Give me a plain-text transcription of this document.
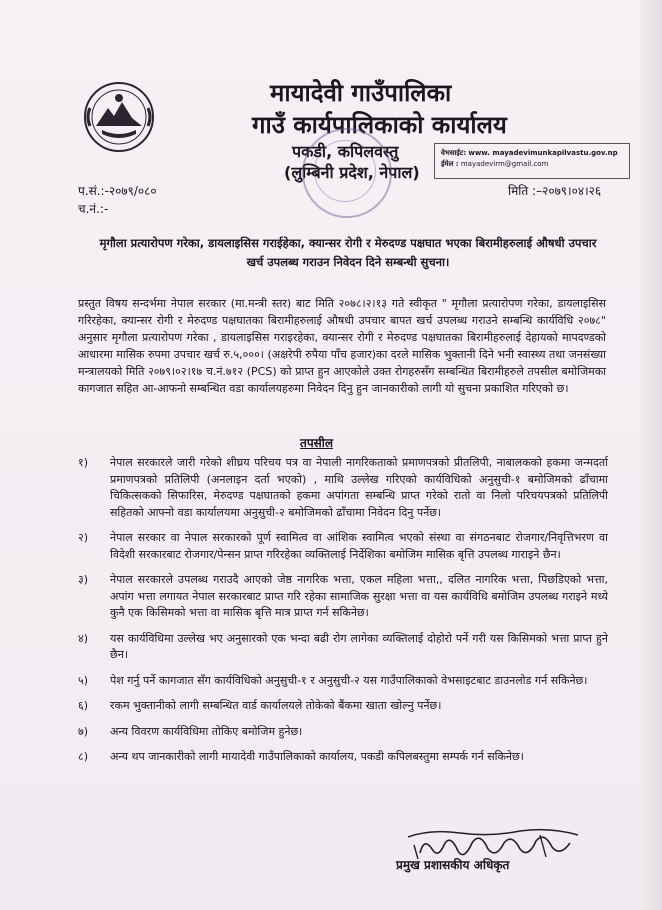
मायादेवी गाउँपालिका
गाउँ कार्यपालिकाको कार्यालय
पकडी, कपिलवस्तु
(लुम्बिनी प्रदेश, नेपाल)
वेभसाईट: www. mayadevimunkapilvastu.gov.np
ईमेल : mayadevirm@gmail.com
प.सं.:-२०७९/०८०
च.नं.:-
मिति :–२०७९।०४।२६
मृगौला प्रत्यारोपण गरेका, डायलाइसिस गराईहेका, क्यान्सर रोगी र मेरुदण्ड पक्षघात भएका बिरामीहरुलाई औषधी उपचार खर्च उपलब्ध गराउन निवेदन दिने सम्बन्धी सुचना।
प्रस्तुत विषय सन्दर्भमा नेपाल सरकार (मा.मन्त्री स्तर) बाट मिति २०७८।२।१३ गते स्वीकृत " मृगौला प्रत्यारोपण गरेका, डायलाइसिस गरिरहेका, क्यान्सर रोगी र मेरुदण्ड पक्षघातका बिरामीहरुलाई औषधी उपचार बापत खर्च उपलब्ध गराउने सम्बन्धि कार्यविधि २०७८" अनुसार मृगौला प्रत्यारोपण गरेका , डायलाइसिस गराइरहेका, क्यान्सर रोगी र मेरुदण्ड पक्षघातका बिरामीहरुलाई देहायको मापदण्डको आधारमा मासिक रुपमा उपचार खर्च रु.५,०००। (अक्षरेपी रुपैया पाँच हजार)का दरले मासिक भुक्तानी दिने भनी स्वास्थ्य तथा जनसंख्या मन्त्रालयको मिति २०७९।०२।१७ च.नं.७१२ (PCS) को प्राप्त हुन आएकोले उक्त रोगहरुसँग सम्बन्धित बिरामीहरुले तपसील बमोजिमका कागजात सहित आ-आफनो सम्बन्धित वडा कार्यालयहरुमा निवेदन दिनु हुन जानकारीको लागी यो सुचना प्रकाशित गरिएको छ।
तपसील
१) नेपाल सरकारले जारी गरेको शीघ्रय परिचय पत्र वा नेपाली नागरिकताको प्रमाणपत्रको प्रीतलिपी, नाबालकको हकमा जन्मदर्ता प्रमाणपत्रको प्रतिलिपी (अनलाइन दर्ता भएको) , माथि उल्लेख गरिएको कार्यविधिको अनुसुची-१ बमोजिमको ढाँचामा चिकित्सकको सिफारिस, मेरुदण्ड पक्षघातको हकमा अपांगता सम्बन्धि प्राप्त गरेको रातो वा निलो परिचयपत्रको प्रतिलिपी सहितको आफ्नो वडा कार्यालयमा अनुसुची-२ बमोजिमको ढाँचामा निवेदन दिनु पर्नेछ।
२) नेपाल सरकार वा नेपाल सरकारको पूर्ण स्वामित्व वा आंशिक स्वामित्व भएको संस्था वा संगठनबाट रोजगार/निवृत्तिभरण वा विदेशी सरकारबाट रोजगार/पेन्सन प्राप्त गरिरहेका व्यक्तिलाई निर्देशिका बमोजिम मासिक बृत्ति उपलब्ध गाराइने छैन।
३) नेपाल सरकारले उपलब्ध गराउदै आएको जेष्ठ नागरिक भत्ता, एकल महिला भत्ता,, दलित नागरिक भत्ता, पिछडिएको भत्ता, अपांग भत्ता लगायत नेपाल सरकारबाट प्राप्त गरि रहेका सामाजिक सुरक्षा भत्ता वा यस कार्यविधि बमोजिम उपलब्ध गराइने मध्ये कुनै एक किसिमको भत्ता वा मासिक बृत्ति मात्र प्राप्त गर्न सकिनेछ।
४) यस कार्यविधिमा उल्लेख भए अनुसारको एक भन्दा बढी रोग लागेका व्यक्तिलाई दोहोरो पर्ने गरी यस किसिमको भत्ता प्राप्त हुने छैन।
५) पेश गर्नु पर्ने कागजात सँग कार्यविधिको अनुसुची-१ र अनुसुची-२ यस गाउँपालिकाको वेभसाइटबाट डाउनलोड गर्न सकिनेछ।
६) रकम भुक्तानीको लागी सम्बन्धित वार्ड कार्यालयले तोकेको बैंकमा खाता खोल्नु पर्नेछ।
७) अन्य विवरण कार्यविधिमा तोकिए बमोजिम हुनेछ।
८) अन्य थप जानकारीको लागी मायादेवी गाउँपालिकाको कार्यालय, पकडी कपिलबस्तुमा सम्पर्क गर्न सकिनेछ।
प्रमुख प्रशासकीय अधिकृत
